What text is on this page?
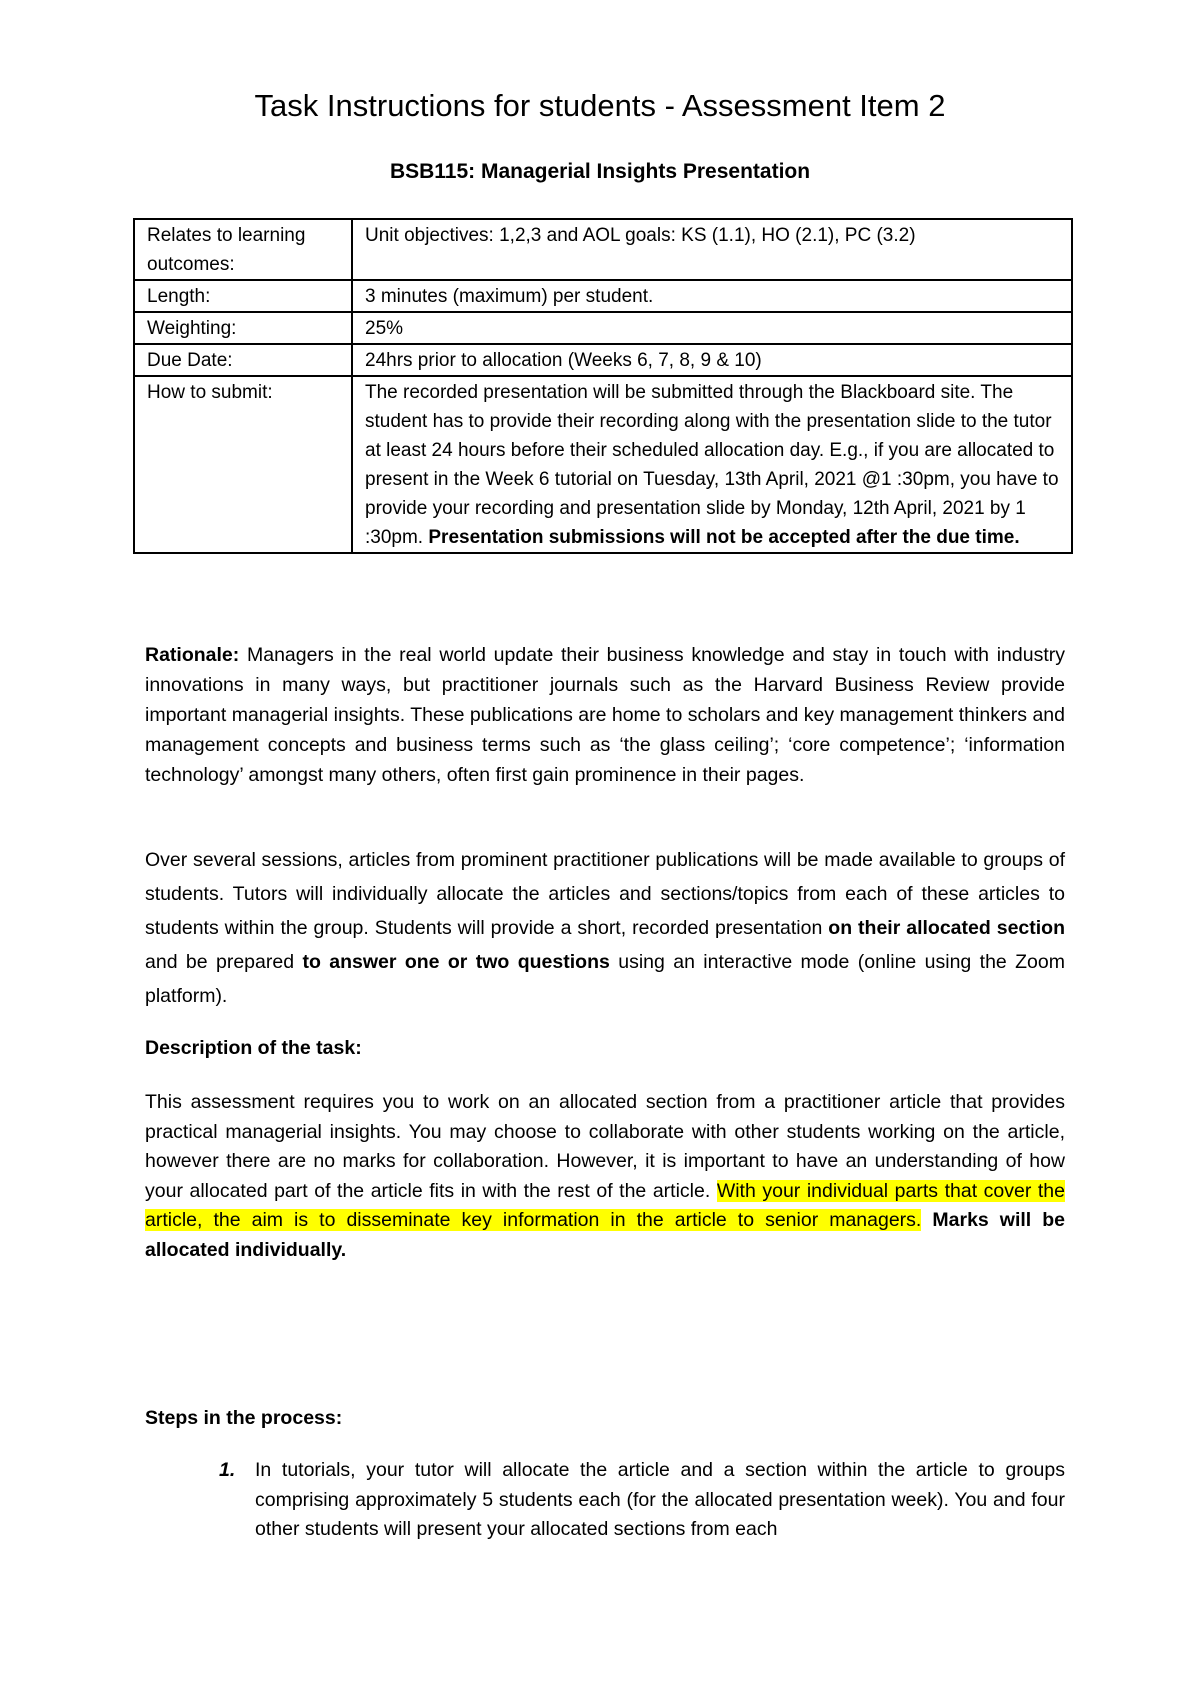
Task Instructions for students - Assessment Item 2
BSB115: Managerial Insights Presentation
Relates to learning outcomes:	Unit objectives: 1,2,3 and AOL goals: KS (1.1), HO (2.1), PC (3.2)
Length:	3 minutes (maximum) per student.
Weighting:	25%
Due Date:	24hrs prior to allocation (Weeks 6, 7, 8, 9 & 10)
How to submit:	The recorded presentation will be submitted through the Blackboard site. The student has to provide their recording along with the presentation slide to the tutor at least 24 hours before their scheduled allocation day. E.g., if you are allocated to present in the Week 6 tutorial on Tuesday, 13th April, 2021 @1 :30pm, you have to provide your recording and presentation slide by Monday, 12th April, 2021 by 1 :30pm. Presentation submissions will not be accepted after the due time.

Rationale: Managers in the real world update their business knowledge and stay in touch with industry innovations in many ways, but practitioner journals such as the Harvard Business Review provide important managerial insights. These publications are home to scholars and key management thinkers and management concepts and business terms such as ‘the glass ceiling’; ‘core competence’; ‘information technology’ amongst many others, often first gain prominence in their pages.

Over several sessions, articles from prominent practitioner publications will be made available to groups of students. Tutors will individually allocate the articles and sections/topics from each of these articles to students within the group. Students will provide a short, recorded presentation on their allocated section and be prepared to answer one or two questions using an interactive mode (online using the Zoom platform).

Description of the task:

This assessment requires you to work on an allocated section from a practitioner article that provides practical managerial insights. You may choose to collaborate with other students working on the article, however there are no marks for collaboration. However, it is important to have an understanding of how your allocated part of the article fits in with the rest of the article. With your individual parts that cover the article, the aim is to disseminate key information in the article to senior managers. Marks will be allocated individually.

Steps in the process:

1. In tutorials, your tutor will allocate the article and a section within the article to groups comprising approximately 5 students each (for the allocated presentation week). You and four other students will present your allocated sections from each
